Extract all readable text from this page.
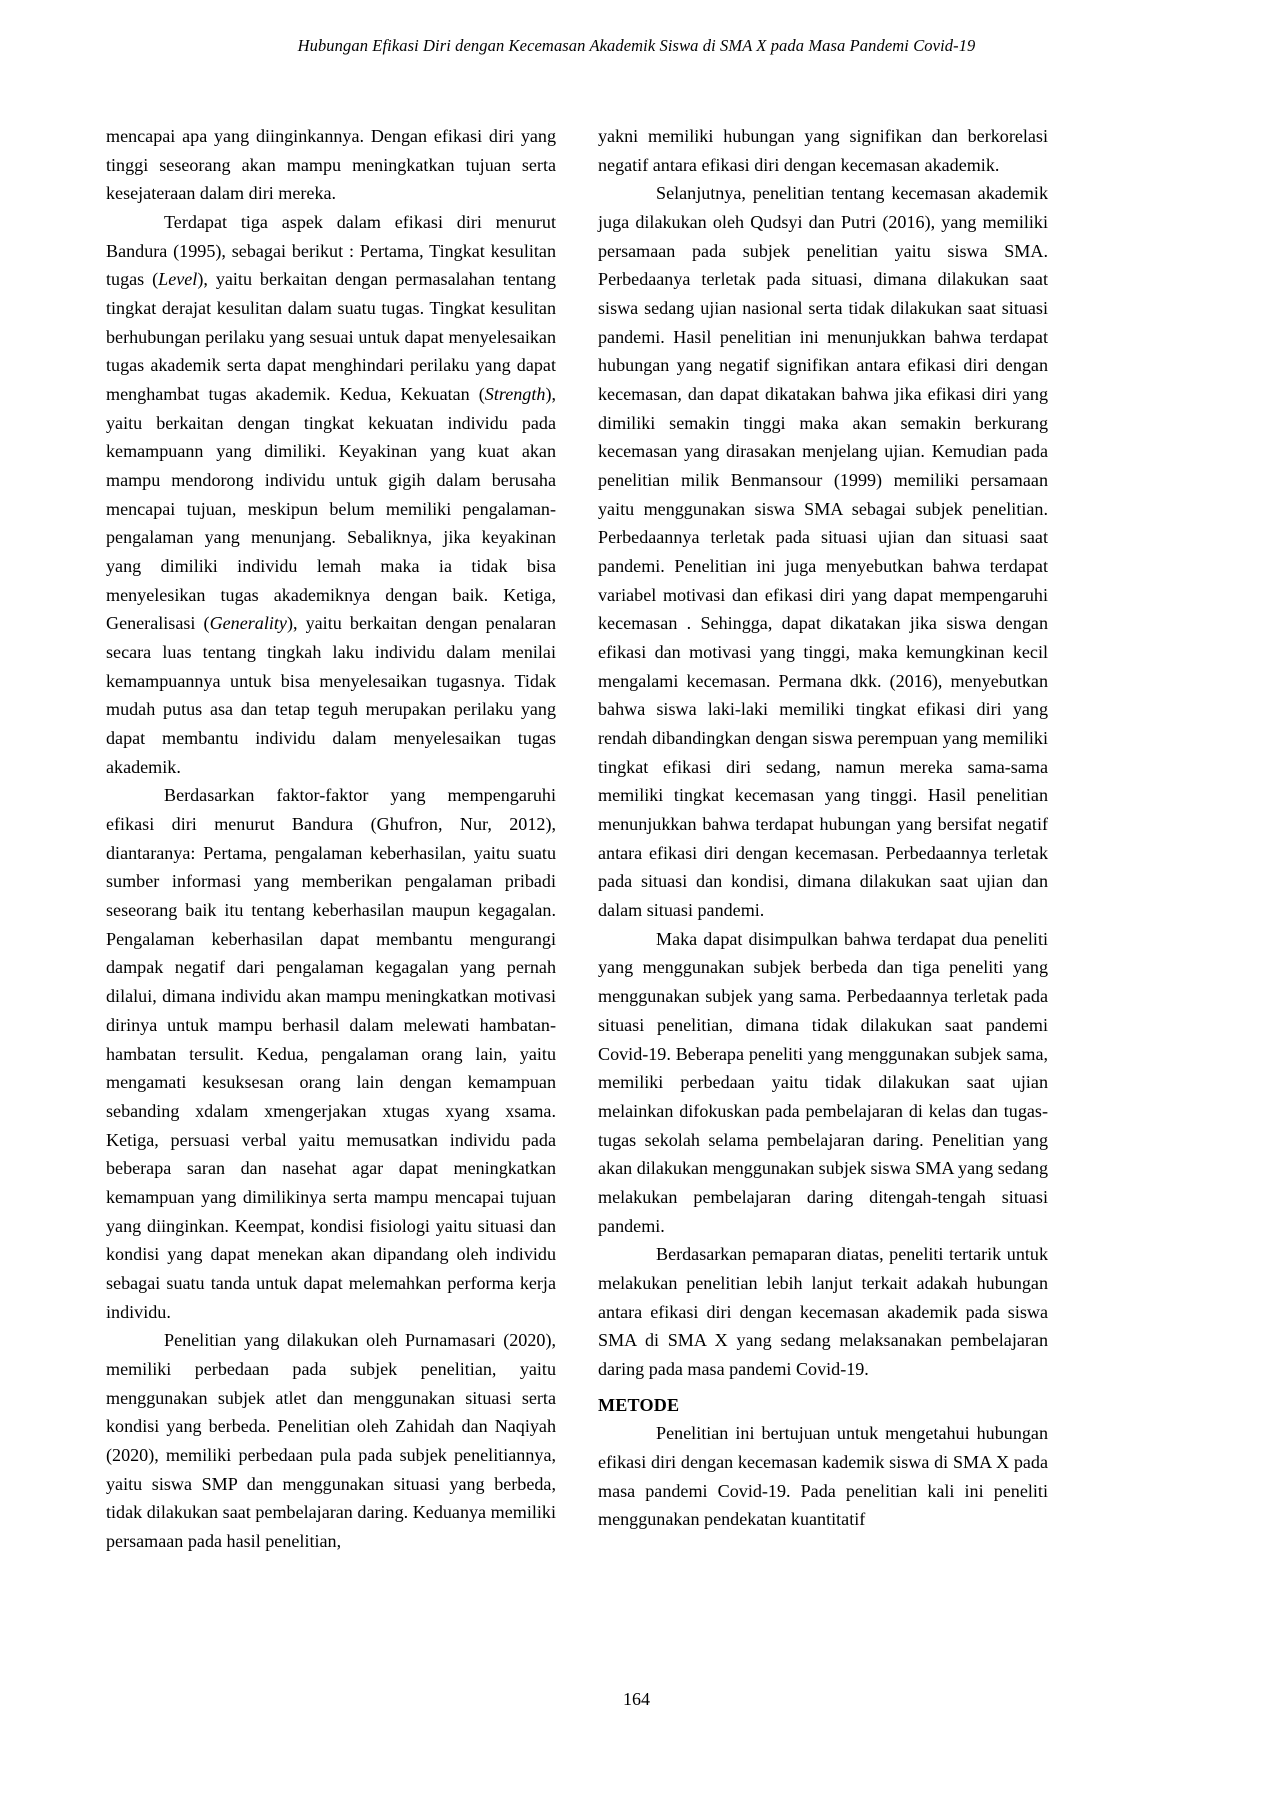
Hubungan Efikasi Diri dengan Kecemasan Akademik Siswa di SMA X pada Masa Pandemi Covid-19

mencapai apa yang diinginkannya. Dengan efikasi diri yang tinggi seseorang akan mampu meningkatkan tujuan serta kesejateraan dalam diri mereka.

Terdapat tiga aspek dalam efikasi diri menurut Bandura (1995), sebagai berikut : Pertama, Tingkat kesulitan tugas (Level), yaitu berkaitan dengan permasalahan tentang tingkat derajat kesulitan dalam suatu tugas. Tingkat kesulitan berhubungan perilaku yang sesuai untuk dapat menyelesaikan tugas akademik serta dapat menghindari perilaku yang dapat menghambat tugas akademik. Kedua, Kekuatan (Strength), yaitu berkaitan dengan tingkat kekuatan individu pada kemampuann yang dimiliki. Keyakinan yang kuat akan mampu mendorong individu untuk gigih dalam berusaha mencapai tujuan, meskipun belum memiliki pengalaman-pengalaman yang menunjang. Sebaliknya, jika keyakinan yang dimiliki individu lemah maka ia tidak bisa menyelesikan tugas akademiknya dengan baik. Ketiga, Generalisasi (Generality), yaitu berkaitan dengan penalaran secara luas tentang tingkah laku individu dalam menilai kemampuannya untuk bisa menyelesaikan tugasnya. Tidak mudah putus asa dan tetap teguh merupakan perilaku yang dapat membantu individu dalam menyelesaikan tugas akademik.

Berdasarkan faktor-faktor yang mempengaruhi efikasi diri menurut Bandura (Ghufron, Nur, 2012), diantaranya: Pertama, pengalaman keberhasilan, yaitu suatu sumber informasi yang memberikan pengalaman pribadi seseorang baik itu tentang keberhasilan maupun kegagalan. Pengalaman keberhasilan dapat membantu mengurangi dampak negatif dari pengalaman kegagalan yang pernah dilalui, dimana individu akan mampu meningkatkan motivasi dirinya untuk mampu berhasil dalam melewati hambatan-hambatan tersulit. Kedua, pengalaman orang lain, yaitu mengamati kesuksesan orang lain dengan kemampuan sebanding xdalam xmengerjakan xtugas xyang xsama. Ketiga, persuasi verbal yaitu memusatkan individu pada beberapa saran dan nasehat agar dapat meningkatkan kemampuan yang dimilikinya serta mampu mencapai tujuan yang diinginkan. Keempat, kondisi fisiologi yaitu situasi dan kondisi yang dapat menekan akan dipandang oleh individu sebagai suatu tanda untuk dapat melemahkan performa kerja individu.

Penelitian yang dilakukan oleh Purnamasari (2020), memiliki perbedaan pada subjek penelitian, yaitu menggunakan subjek atlet dan menggunakan situasi serta kondisi yang berbeda. Penelitian oleh Zahidah dan Naqiyah (2020), memiliki perbedaan pula pada subjek penelitiannya, yaitu siswa SMP dan menggunakan situasi yang berbeda, tidak dilakukan saat pembelajaran daring. Keduanya memiliki persamaan pada hasil penelitian,

yakni memiliki hubungan yang signifikan dan berkorelasi negatif antara efikasi diri dengan kecemasan akademik.

Selanjutnya, penelitian tentang kecemasan akademik juga dilakukan oleh Qudsyi dan Putri (2016), yang memiliki persamaan pada subjek penelitian yaitu siswa SMA. Perbedaanya terletak pada situasi, dimana dilakukan saat siswa sedang ujian nasional serta tidak dilakukan saat situasi pandemi. Hasil penelitian ini menunjukkan bahwa terdapat hubungan yang negatif signifikan antara efikasi diri dengan kecemasan, dan dapat dikatakan bahwa jika efikasi diri yang dimiliki semakin tinggi maka akan semakin berkurang kecemasan yang dirasakan menjelang ujian. Kemudian pada penelitian milik Benmansour (1999) memiliki persamaan yaitu menggunakan siswa SMA sebagai subjek penelitian. Perbedaannya terletak pada situasi ujian dan situasi saat pandemi. Penelitian ini juga menyebutkan bahwa terdapat variabel motivasi dan efikasi diri yang dapat mempengaruhi kecemasan . Sehingga, dapat dikatakan jika siswa dengan efikasi dan motivasi yang tinggi, maka kemungkinan kecil mengalami kecemasan. Permana dkk. (2016), menyebutkan bahwa siswa laki-laki memiliki tingkat efikasi diri yang rendah dibandingkan dengan siswa perempuan yang memiliki tingkat efikasi diri sedang, namun mereka sama-sama memiliki tingkat kecemasan yang tinggi. Hasil penelitian menunjukkan bahwa terdapat hubungan yang bersifat negatif antara efikasi diri dengan kecemasan. Perbedaannya terletak pada situasi dan kondisi, dimana dilakukan saat ujian dan dalam situasi pandemi.

Maka dapat disimpulkan bahwa terdapat dua peneliti yang menggunakan subjek berbeda dan tiga peneliti yang menggunakan subjek yang sama. Perbedaannya terletak pada situasi penelitian, dimana tidak dilakukan saat pandemi Covid-19. Beberapa peneliti yang menggunakan subjek sama, memiliki perbedaan yaitu tidak dilakukan saat ujian melainkan difokuskan pada pembelajaran di kelas dan tugas-tugas sekolah selama pembelajaran daring. Penelitian yang akan dilakukan menggunakan subjek siswa SMA yang sedang melakukan pembelajaran daring ditengah-tengah situasi pandemi.

Berdasarkan pemaparan diatas, peneliti tertarik untuk melakukan penelitian lebih lanjut terkait adakah hubungan antara efikasi diri dengan kecemasan akademik pada siswa SMA di SMA X yang sedang melaksanakan pembelajaran daring pada masa pandemi Covid-19.

METODE

Penelitian ini bertujuan untuk mengetahui hubungan efikasi diri dengan kecemasan kademik siswa di SMA X pada masa pandemi Covid-19. Pada penelitian kali ini peneliti menggunakan pendekatan kuantitatif

164
